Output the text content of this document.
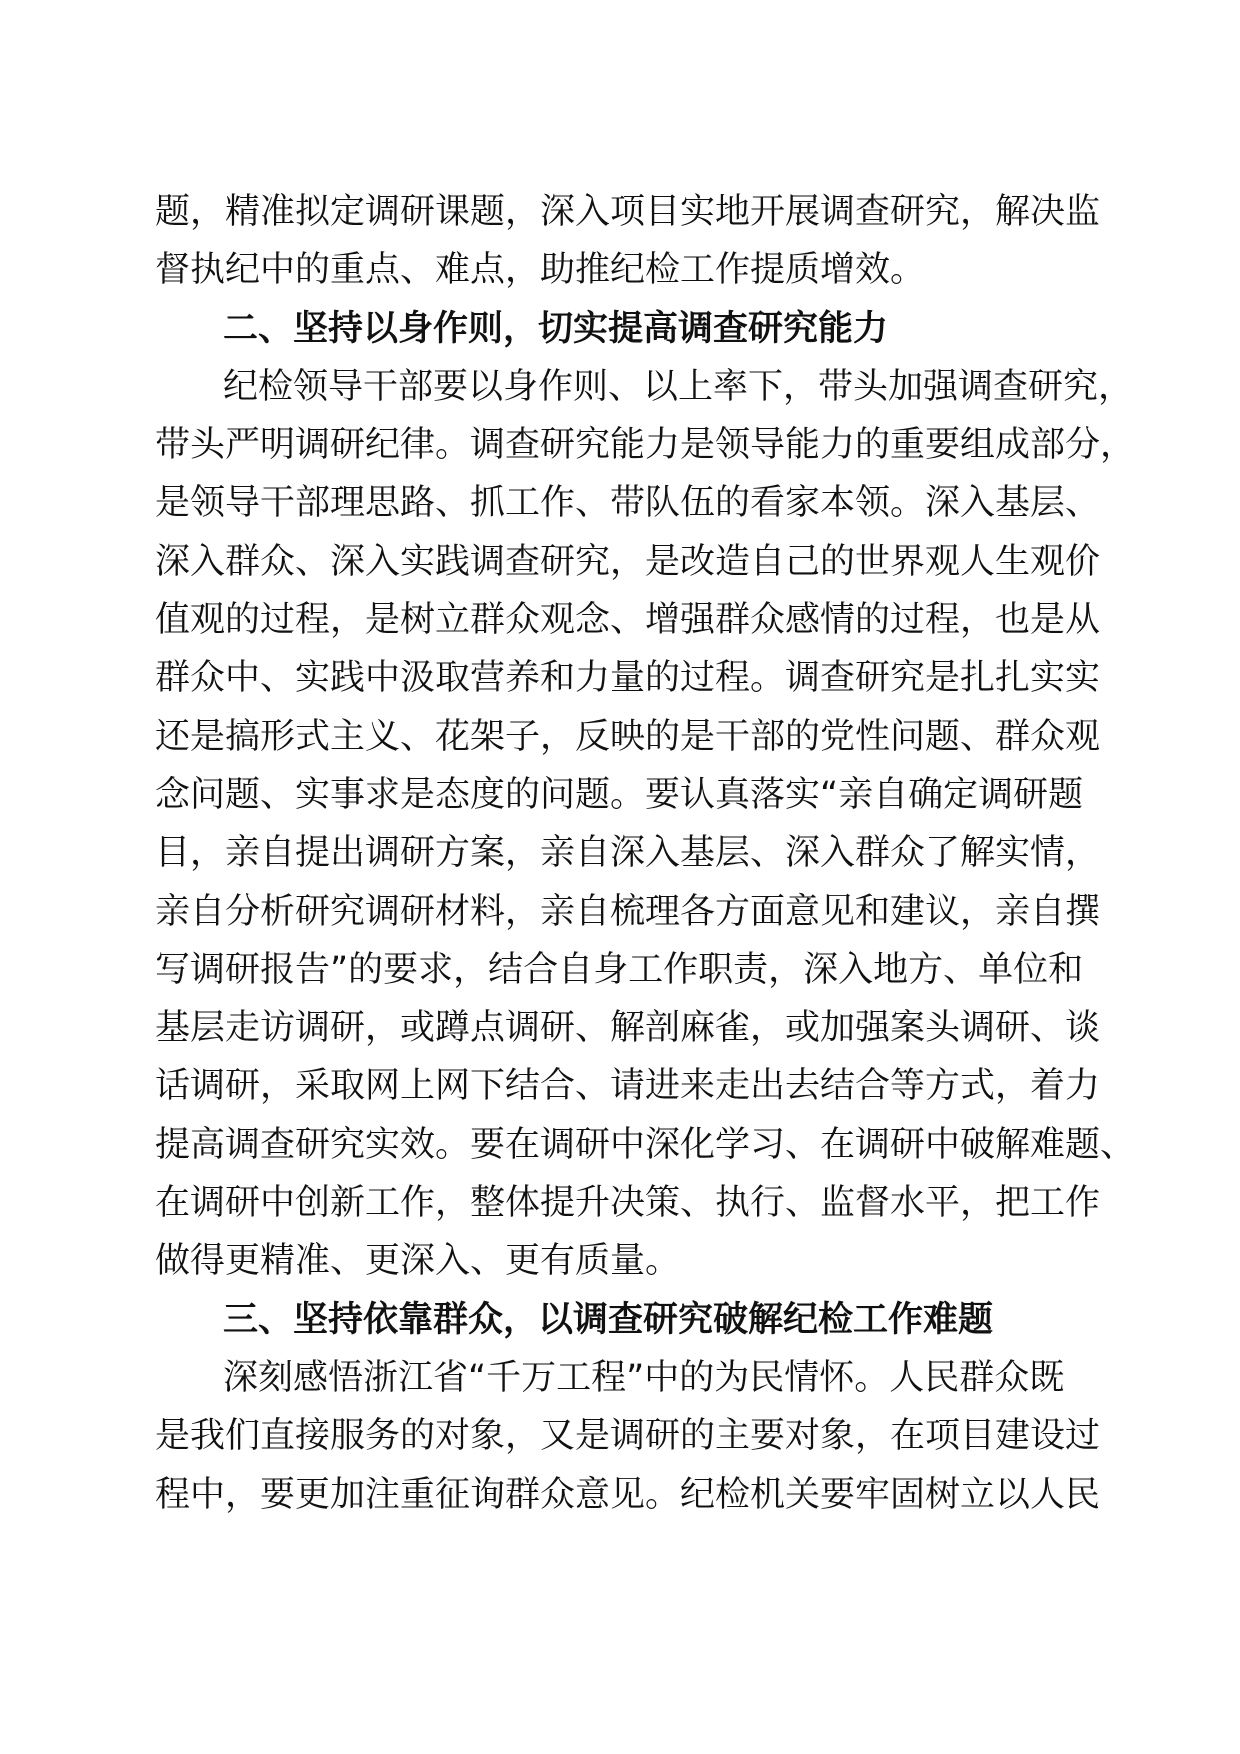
题，精准拟定调研课题，深入项目实地开展调查研究，解决监
督执纪中的重点、难点，助推纪检工作提质增效。
二、坚持以身作则，切实提高调查研究能力
纪检领导干部要以身作则、以上率下，带头加强调查研究，
带头严明调研纪律。调查研究能力是领导能力的重要组成部分，
是领导干部理思路、抓工作、带队伍的看家本领。深入基层、
深入群众、深入实践调查研究，是改造自己的世界观人生观价
值观的过程，是树立群众观念、增强群众感情的过程，也是从
群众中、实践中汲取营养和力量的过程。调查研究是扎扎实实
还是搞形式主义、花架子，反映的是干部的党性问题、群众观
念问题、实事求是态度的问题。要认真落实“亲自确定调研题
目，亲自提出调研方案，亲自深入基层、深入群众了解实情，
亲自分析研究调研材料，亲自梳理各方面意见和建议，亲自撰
写调研报告”的要求，结合自身工作职责，深入地方、单位和
基层走访调研，或蹲点调研、解剖麻雀，或加强案头调研、谈
话调研，采取网上网下结合、请进来走出去结合等方式，着力
提高调查研究实效。要在调研中深化学习、在调研中破解难题、
在调研中创新工作，整体提升决策、执行、监督水平，把工作
做得更精准、更深入、更有质量。
三、坚持依靠群众，以调查研究破解纪检工作难题
深刻感悟浙江省“千万工程”中的为民情怀。人民群众既
是我们直接服务的对象，又是调研的主要对象，在项目建设过
程中，要更加注重征询群众意见。纪检机关要牢固树立以人民
